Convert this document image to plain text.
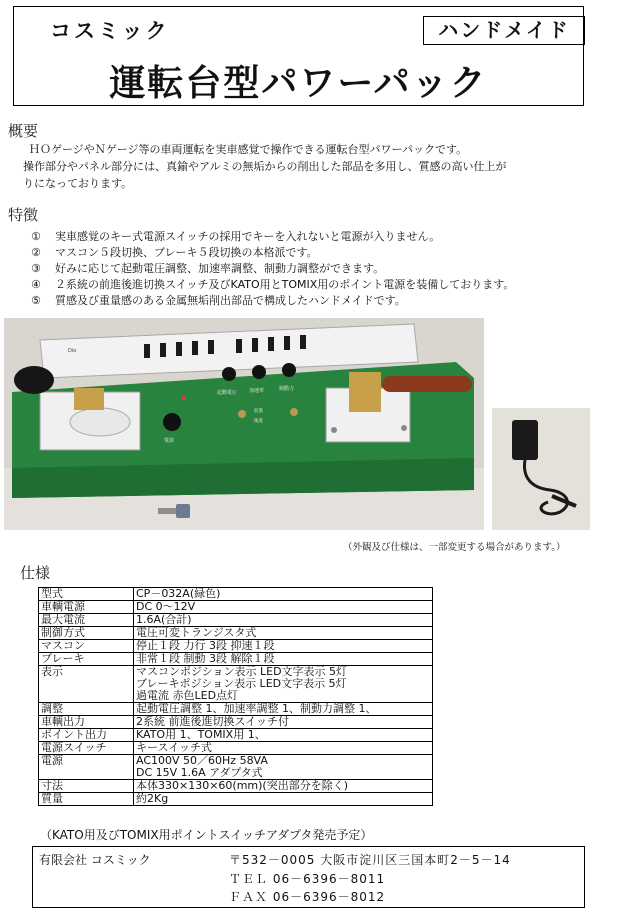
コスミック	ハンドメイド
運転台型パワーパック
概要
ＨＯゲージやＮゲージ等の車両運転を実車感覚で操作できる運転台型パワーパックです。
操作部分やパネル部分には、真鍮やアルミの無垢からの削出した部品を多用し、質感の高い仕上が
りになっております。
特徴
① 実車感覚のキー式電源スイッチの採用でキーを入れないと電源が入りません。
② マスコン５段切換、ブレーキ５段切換の本格派です。
③ 好みに応じて起動電圧調整、加速率調整、制動力調整ができます。
④ ２系統の前進後進切換スイッチ及びKATO用とTOMIX用のポイント電源を装備しております。
⑤ 質感及び重量感のある金属無垢削出部品で構成したハンドメイドです。
Dio
起動電圧 加速率	制動力
前進
後進
電源
（外観及び仕様は、一部変更する場合があります。）
仕様
型式	CP－032A(緑色)
車輌電源	DC 0～12V
最大電流	1.6A(合計)
制御方式	電圧可変トランジスタ式
マスコン	停止１段 力行 3段 抑速１段
ブレーキ	非常１段 制動 3段 解除１段
表示	マスコンポジション表示 LED文字表示 5灯
ブレーキポジション表示 LED文字表示 5灯
過電流 赤色LED点灯
調整	起動電圧調整 1、加速率調整 1、制動力調整 1、
車輌出力	2系統 前進後進切換スイッチ付
ポイント出力	KATO用 1、TOMIX用 1、
電源スイッチ	キースイッチ式
電源	AC100V 50／60Hz 58VA
DC 15V 1.6A アダプタ式
寸法	本体330×130×60(mm)(突出部分を除く)
質量	約2Kg
（KATO用及びTOMIX用ポイントスイッチアダプタ発売予定）
有限会社 コスミック	〒532－0005 大阪市淀川区三国本町2－5－14
ＴＥＬ 06－6396－8011
ＦＡＸ 06－6396－8012
